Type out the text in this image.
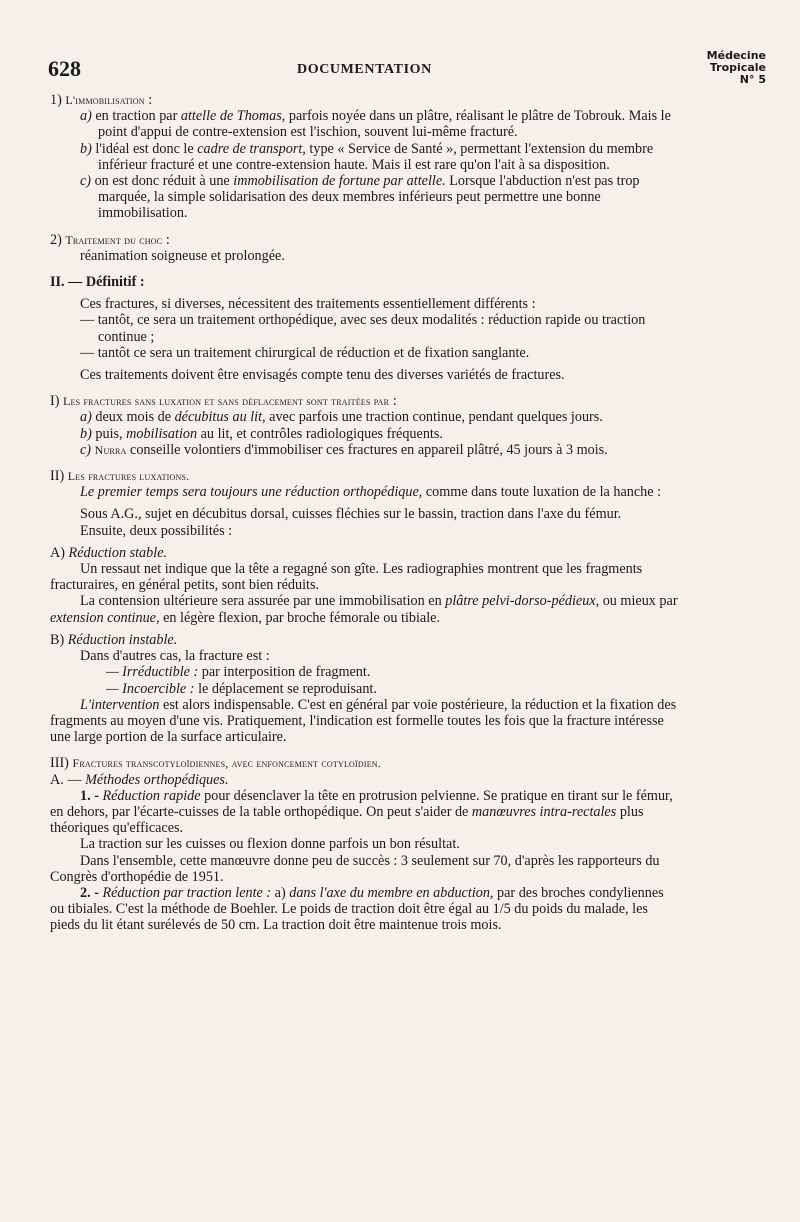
628	DOCUMENTATION
Médecine
Tropicale
N° 5

1) L'immobilisation :

a) en traction par attelle de Thomas, parfois noyée dans un plâtre, réalisant le plâtre de Tobrouk. Mais le point d'appui de contre-extension est l'ischion, souvent lui-même fracturé.

b) l'idéal est donc le cadre de transport, type « Service de Santé », permettant l'extension du membre inférieur fracturé et une contre-extension haute. Mais il est rare qu'on l'ait à sa disposition.

c) on est donc réduit à une immobilisation de fortune par attelle. Lorsque l'abduction n'est pas trop marquée, la simple solidarisation des deux membres inférieurs peut permettre une bonne immobilisation.

2) Traitement du choc :

réanimation soigneuse et prolongée.

II. — Définitif :

Ces fractures, si diverses, nécessitent des traitements essentiellement différents :

— tantôt, ce sera un traitement orthopédique, avec ses deux modalités : réduction rapide ou traction continue ;

— tantôt ce sera un traitement chirurgical de réduction et de fixation sanglante.

Ces traitements doivent être envisagés compte tenu des diverses variétés de fractures.

I) Les fractures sans luxation et sans déflacement sont traitées par :

a) deux mois de décubitus au lit, avec parfois une traction continue, pendant quelques jours.

b) puis, mobilisation au lit, et contrôles radiologiques fréquents.

c) Nurra conseille volontiers d'immobiliser ces fractures en appareil plâtré, 45 jours à 3 mois.

II) Les fractures luxations.

Le premier temps sera toujours une réduction orthopédique, comme dans toute luxation de la hanche :

Sous A.G., sujet en décubitus dorsal, cuisses fléchies sur le bassin, traction dans l'axe du fémur.

Ensuite, deux possibilités :

A) Réduction stable.

Un ressaut net indique que la tête a regagné son gîte. Les radiographies montrent que les fragments fracturaires, en général petits, sont bien réduits.

La contension ultérieure sera assurée par une immobilisation en plâtre pelvi-dorso-pédieux, ou mieux par extension continue, en légère flexion, par broche fémorale ou tibiale.

B) Réduction instable.

Dans d'autres cas, la fracture est :

— Irréductible : par interposition de fragment.

— Incoercible : le déplacement se reproduisant.

L'intervention est alors indispensable. C'est en général par voie postérieure, la réduction et la fixation des fragments au moyen d'une vis. Pratiquement, l'indication est formelle toutes les fois que la fracture intéresse une large portion de la surface articulaire.

III) Fractures transcotyloïdiennes, avec enfoncement cotyloïdien.

A. — Méthodes orthopédiques.

1. - Réduction rapide pour désenclaver la tête en protrusion pelvienne. Se pratique en tirant sur le fémur, en dehors, par l'écarte-cuisses de la table orthopédique. On peut s'aider de manœuvres intra-rectales plus théoriques qu'efficaces.

La traction sur les cuisses ou flexion donne parfois un bon résultat.

Dans l'ensemble, cette manœuvre donne peu de succès : 3 seulement sur 70, d'après les rapporteurs du Congrès d'orthopédie de 1951.

2. - Réduction par traction lente : a) dans l'axe du membre en abduction, par des broches condyliennes ou tibiales. C'est la méthode de Boehler. Le poids de traction doit être égal au 1/5 du poids du malade, les pieds du lit étant surélevés de 50 cm. La traction doit être maintenue trois mois.
